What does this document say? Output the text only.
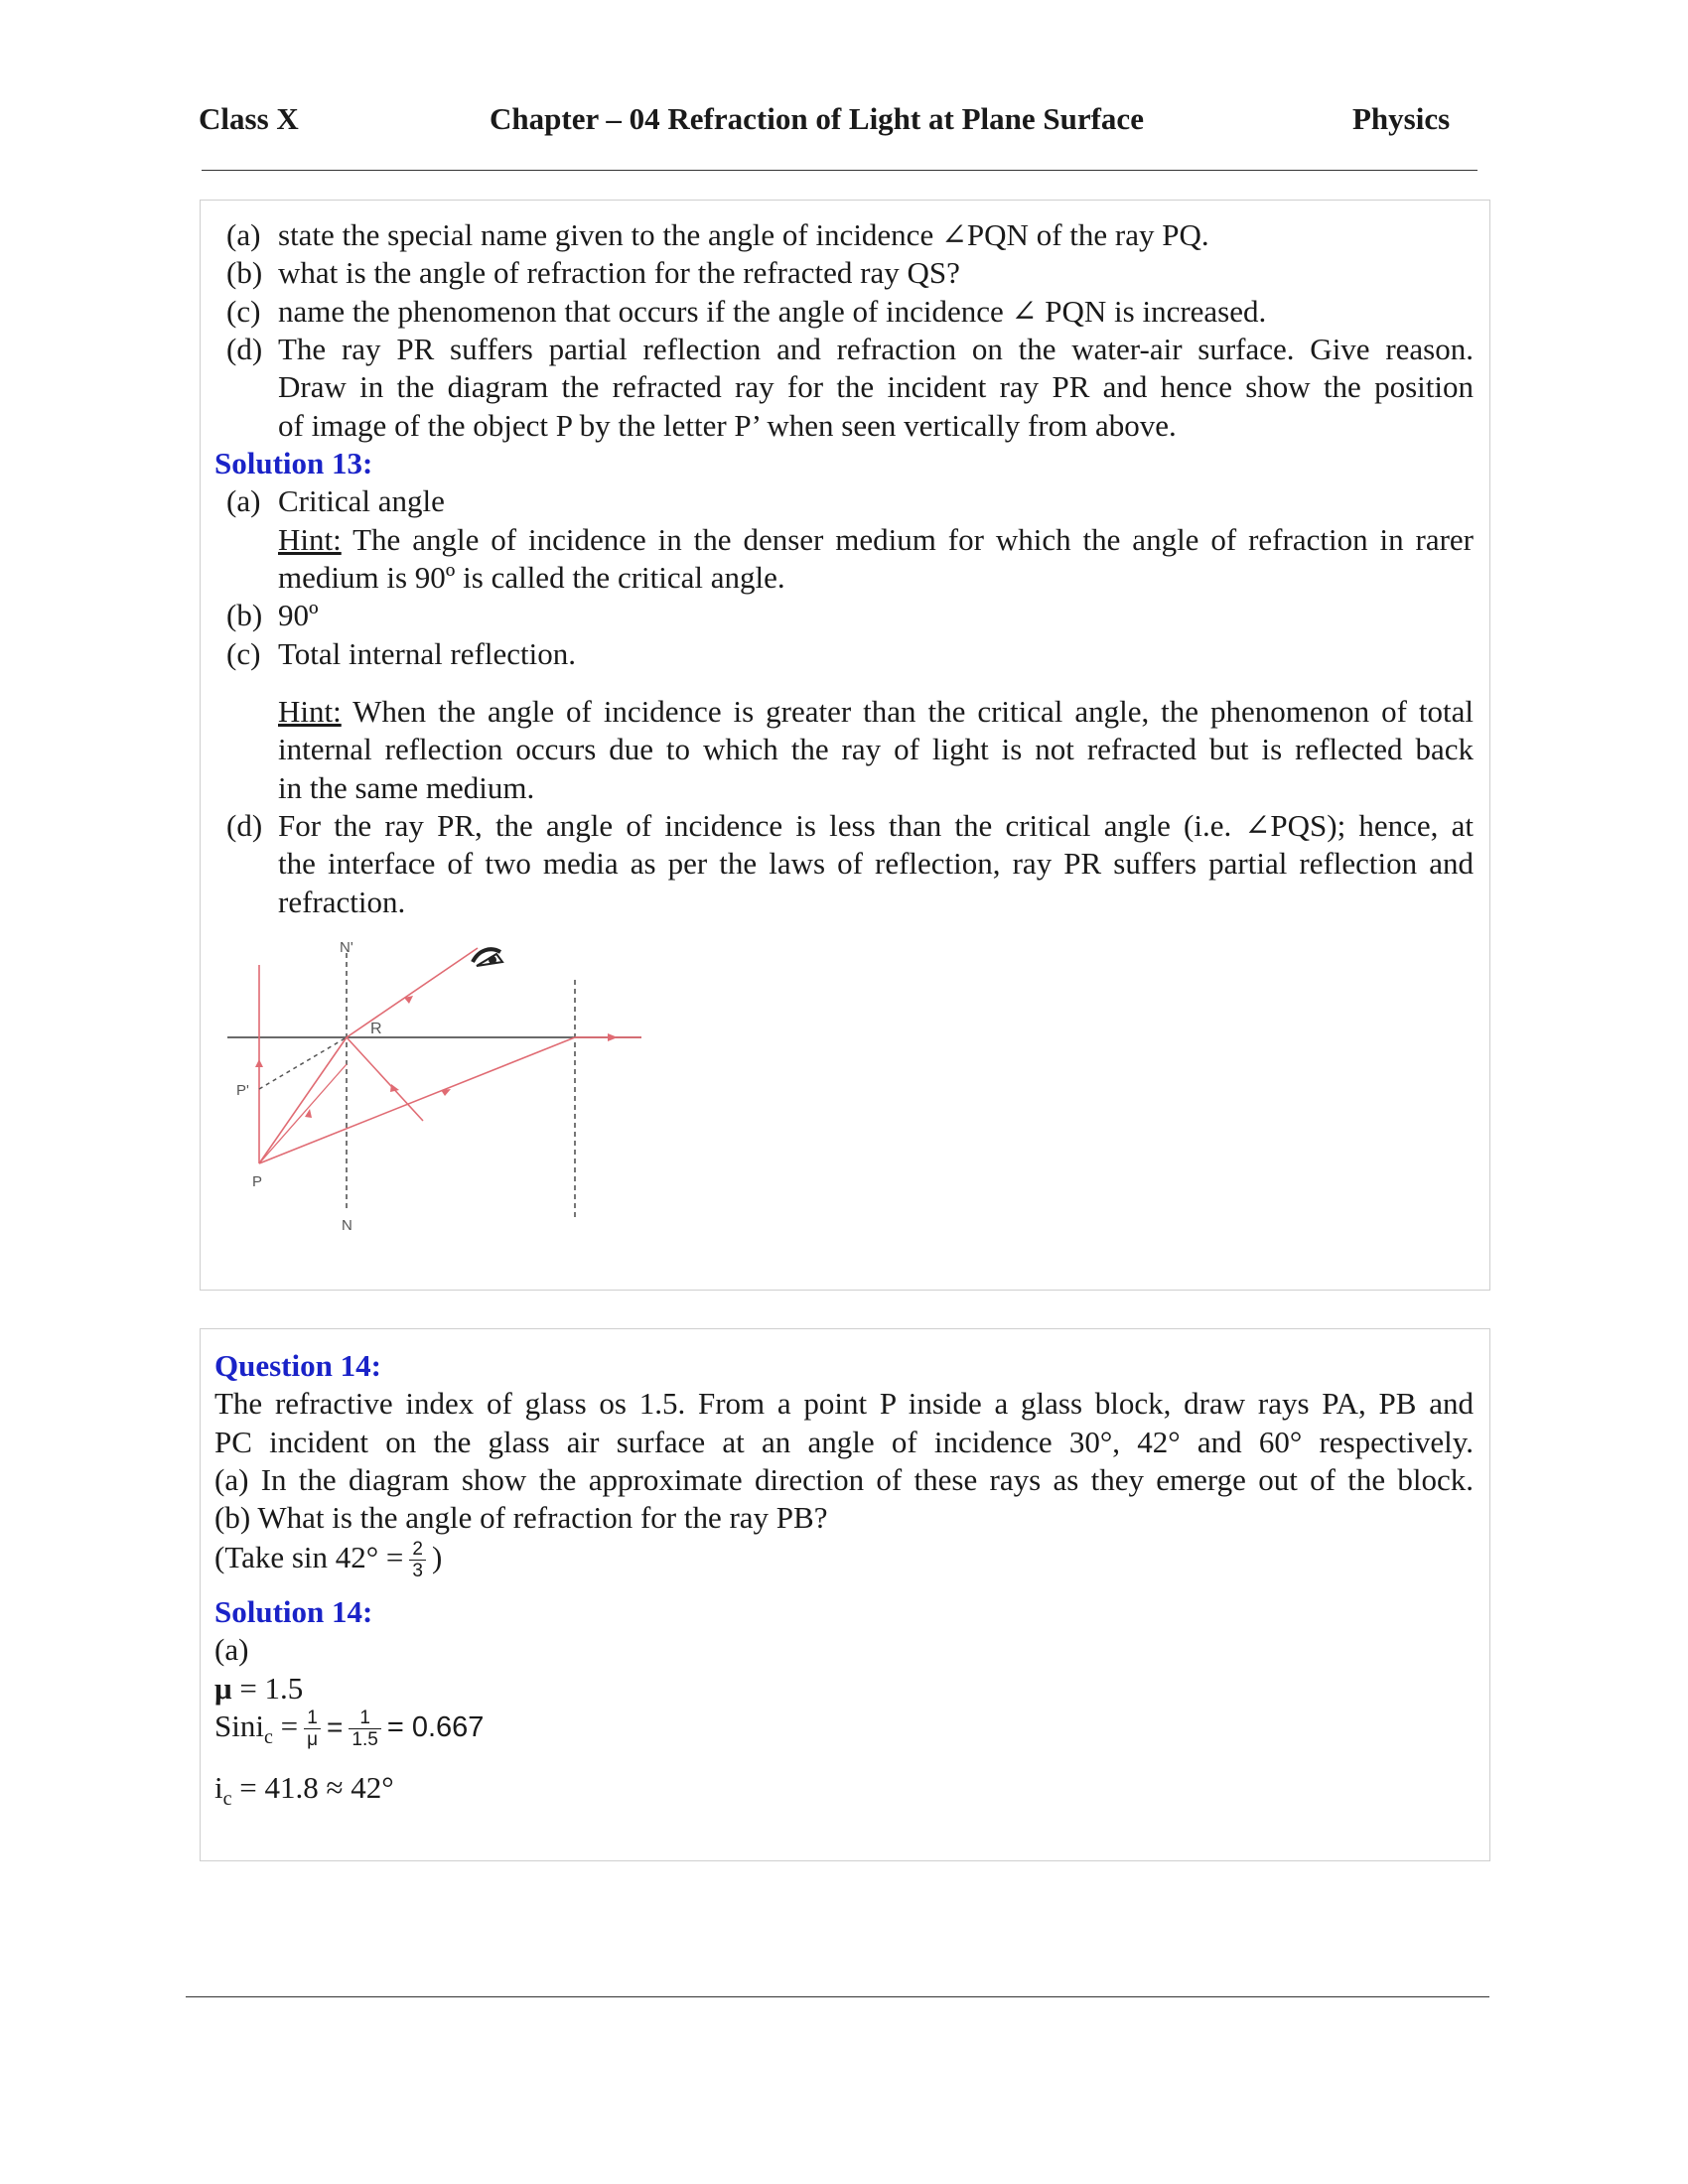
Class X	Chapter – 04 Refraction of Light at Plane Surface	Physics
(a) state the special name given to the angle of incidence ∠PQN of the ray PQ.
(b) what is the angle of refraction for the refracted ray QS?
(c) name the phenomenon that occurs if the angle of incidence ∠ PQN is increased.
(d) The ray PR suffers partial reflection and refraction on the water-air surface. Give reason.
Draw in the diagram the refracted ray for the incident ray PR and hence show the position
of image of the object P by the letter P’ when seen vertically from above.
Solution 13:
(a) Critical angle
Hint: The angle of incidence in the denser medium for which the angle of refraction in rarer
medium is 90º is called the critical angle.
(b) 90º
(c) Total internal reflection.
Hint: When the angle of incidence is greater than the critical angle, the phenomenon of total
internal reflection occurs due to which the ray of light is not refracted but is reflected back
in the same medium.
(d) For the ray PR, the angle of incidence is less than the critical angle (i.e. ∠PQS); hence, at
the interface of two media as per the laws of reflection, ray PR suffers partial reflection and
refraction.
N'
R
P'
P
N
Question 14:
The refractive index of glass os 1.5. From a point P inside a glass block, draw rays PA, PB and
PC incident on the glass air surface at an angle of incidence 30°, 42° and 60° respectively.
(a) In the diagram show the approximate direction of these rays as they emerge out of the block.
(b) What is the angle of refraction for the ray PB?
(Take $\sin 42^\circ = \frac{2}{3}$ )
Solution 14:
(a)
μ = 1.5
Sini$_c$ = $\frac{1}{\mu} = \frac{1}{1.5} = 0.667$
$i_c = 41.8 \approx 42^\circ$
